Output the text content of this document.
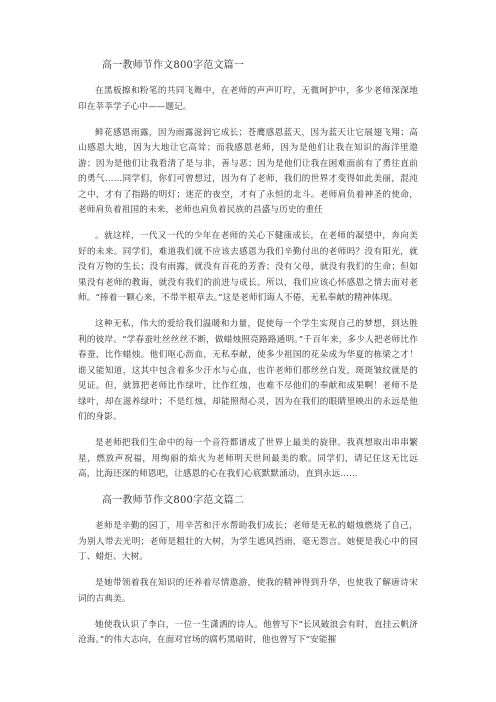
高一教师节作文800字范文篇一

在黑板擦和粉笔的共同飞舞中，在老师的声声叮咛，无微呵护中，多少老师深深地印在莘莘学子心中——题记。

鲜花感恩雨露，因为雨露滋润它成长；苍鹰感恩蓝天，因为蓝天让它展翅飞翔；高山感恩大地，因为大地让它高耸；而我感恩老师，因为是他们让我在知识的海洋里遨游；因为是他们让我看清了是与非，善与恶；因为是他们让我在困难面前有了勇往直前的勇气……同学们，你们可曾想过，因为有了老师，我们的世界才变得如此美丽，混沌之中，才有了指路的明灯；迷茫的夜空，才有了永恒的北斗。老师肩负着神圣的使命，老师肩负着祖国的未来，老师也肩负着民族的昌盛与历史的重任

。就这样，一代又一代的少年在老师的关心下健康成长，在老师的凝望中，奔向美好的未来。同学们，难道我们就不应该去感恩为我们辛勤付出的老师吗？没有阳光，就没有万物的生长；没有雨露，就没有百花的芳香；没有父母，就没有我们的生命；但如果没有老师的教诲，就没有我们的前进与成长。所以，我们应该心怀感恩之情去面对老师。“捧着一颗心来，不带半根草去。”这是老师们诲人不倦，无私奉献的精神体现。

这种无私，伟大的爱给我们温暖和力量，促使每一个学生实现自己的梦想，到达胜利的彼岸。“学春蚕吐丝丝丝不断，做蜡烛照亮路路通明。”千百年来，多少人把老师比作春蚕，比作蜡烛。他们呕心沥血，无私奉献，使多少祖国的花朵成为华夏的栋梁之才！谁又能知道，这其中包含着多少汗水与心血，也许老师们那丝丝白发，斑斑皱纹就是的见证。但，就算把老师比作绿叶，比作红烛，也难不尽他们的奉献和成果啊！老师不是绿叶，却在滋养绿叶；不是红烛，却能照彻心灵，因为在我们的眼睛里映出的永远是他们的身影。

是老师把我们生命中的每一个音符都谱成了世界上最美的旋律。我真想取出串串繁星，燃放声祝福，用绚丽的焰火为老师明天世间最美的歌。同学们，请记住这无比远高，比海还深的师恩吧，让感恩的心在我们心底默默涌动，直到永远……

高一教师节作文800字范文篇二

老师是辛勤的园丁，用辛苦和汗水帮助我们成长；老师是无私的蜡烛燃烧了自己，为别人带去光明；老师是粗壮的大树，为学生遮风挡雨，毫无怨言。她便是我心中的园丁、蜡炬、大树。

是她带领着我在知识的还养着尽情遨游，使我的精神得到升华，也使我了解唐诗宋词的古典美。

她使我认识了李白，一位一生潇洒的诗人。他曾写下“长风破浪会有时，直挂云帆济沧海。”的伟大志向，在面对官场的腐朽黑暗时，他也曾写下“安能摧
